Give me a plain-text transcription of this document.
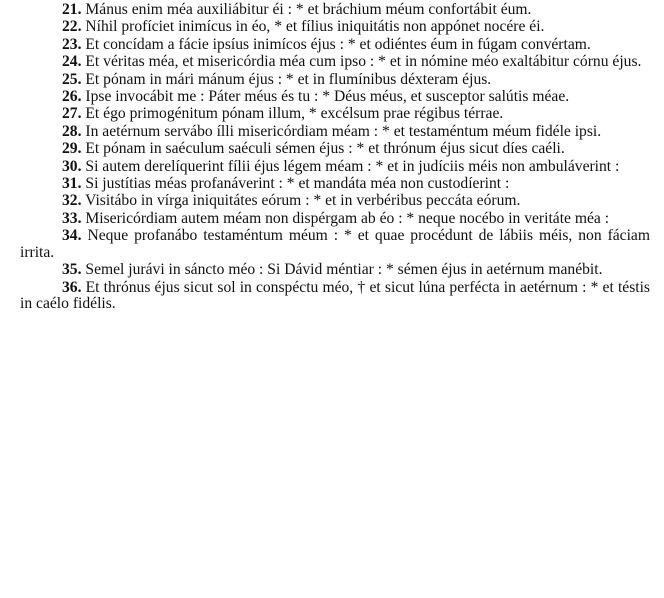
21. Mánus enim méa auxiliábitur éi : * et bráchium méum confortábit éum.
22. Níhil profíciet inimícus in éo, * et fílius iniquitátis non appónet nocére éi.
23. Et concídam a fácie ipsíus inimícos éjus : * et odiéntes éum in fúgam convértam.
24. Et véritas méa, et misericórdia méa cum ipso : * et in nómine méo exaltábitur córnu éjus.
25. Et pónam in mári mánum éjus : * et in flumínibus déxteram éjus.
26. Ipse invocábit me : Páter méus és tu : * Déus méus, et susceptor salútis méae.
27. Et égo primogénitum pónam illum, * excélsum prae régibus térrae.
28. In aetérnum servábo ílli misericórdiam méam : * et testaméntum méum fidéle ipsi.
29. Et pónam in saéculum saéculi sémen éjus : * et thrónum éjus sicut díes caéli.
30. Si autem derelíquerint fílii éjus légem méam : * et in judíciis méis non ambuláverint :
31. Si justítias méas profanáverint : * et mandáta méa non custodíerint :
32. Visitábo in vírga iniquitátes eórum : * et in verbéribus peccáta eórum.
33. Misericórdiam autem méam non dispérgam ab éo : * neque nocébo in veritáte méa :
34. Neque profanábo testaméntum méum : * et quae procédunt de lábiis méis, non fáciam irrita.
35. Semel jurávi in sáncto méo : Si Dávid méntiar : * sémen éjus in aetérnum manébit.
36. Et thrónus éjus sicut sol in conspéctu méo, † et sicut lúna perfécta in aetérnum : * et téstis in caélo fidélis.
